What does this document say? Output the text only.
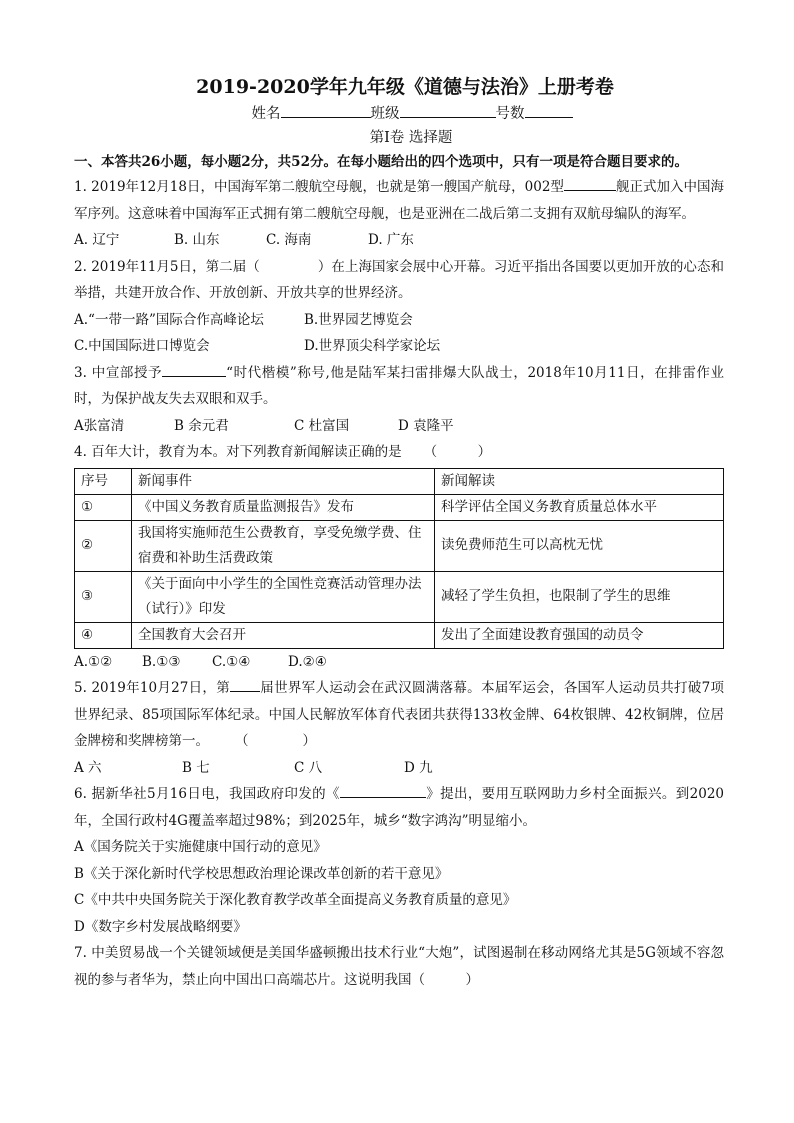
2019-2020学年九年级《道德与法治》上册考卷
姓名	班级	号数
第Ⅰ卷 选择题
一、本答共26小题，每小题2分，共52分。在每小题给出的四个选项中，只有一项是符合题目要求的。

1. 2019年12月18日，中国海军第二艘航空母舰，也就是第一艘国产航母，002型	舰正式加入中国海军序列。这意味着中国海军正式拥有第二艘航空母舰，也是亚洲在二战后第二支拥有双航母编队的海军。

A. 辽宁	B. 山东	C. 海南	D. 广东

2. 2019年11月5日，第二届（	）在上海国家会展中心开幕。习近平指出各国要以更加开放的心态和举措，共建开放合作、开放创新、开放共享的世界经济。

A.“一带一路”国际合作高峰论坛	B.世界园艺博览会
C.中国国际进口博览会	D.世界顶尖科学家论坛

3. 中宣部授予	“时代楷模”称号,他是陆军某扫雷排爆大队战士，2018年10月11日，在排雷作业时，为保护战友失去双眼和双手。

A张富清	B 余元君	C 杜富国	D 袁隆平

4. 百年大计，教育为本。对下列教育新闻解读正确的是 （　　　）

序号	新闻事件	新闻解读
①	《中国义务教育质量监测报告》发布	科学评估全国义务教育质量总体水平
②	我国将实施师范生公费教育，享受免缴学费、住宿费和补助生活费政策	读免费师范生可以高枕无忧
③	《关于面向中小学生的全国性竞赛活动管理办法（试行）》印发	减轻了学生负担，也限制了学生的思维
④	全国教育大会召开	发出了全面建设教育强国的动员令
A.①② B.①③ C.①④	D.②④

5. 2019年10月27日，第 届世界军人运动会在武汉圆满落幕。本届军运会，各国军人运动员共打破7项世界纪录、85项国际军体纪录。中国人民解放军体育代表团共获得133枚金牌、64枚银牌、42枚铜牌，位居金牌榜和奖牌榜第一。 （　　　　）

A 六	B 七	C 八	D 九

6. 据新华社5月16日电，我国政府印发的《	》提出，要用互联网助力乡村全面振兴。到2020年，全国行政村4G覆盖率超过98%；到2025年，城乡“数字鸿沟”明显缩小。

A《国务院关于实施健康中国行动的意见》
B《关于深化新时代学校思想政治理论课改革创新的若干意见》
C《中共中央国务院关于深化教育教学改革全面提高义务教育质量的意见》
D《数字乡村发展战略纲要》

7. 中美贸易战一个关键领域便是美国华盛顿搬出技术行业“大炮”，试图遏制在移动网络尤其是5G领域不容忽视的参与者华为，禁止向中国出口高端芯片。这说明我国（　　　）
